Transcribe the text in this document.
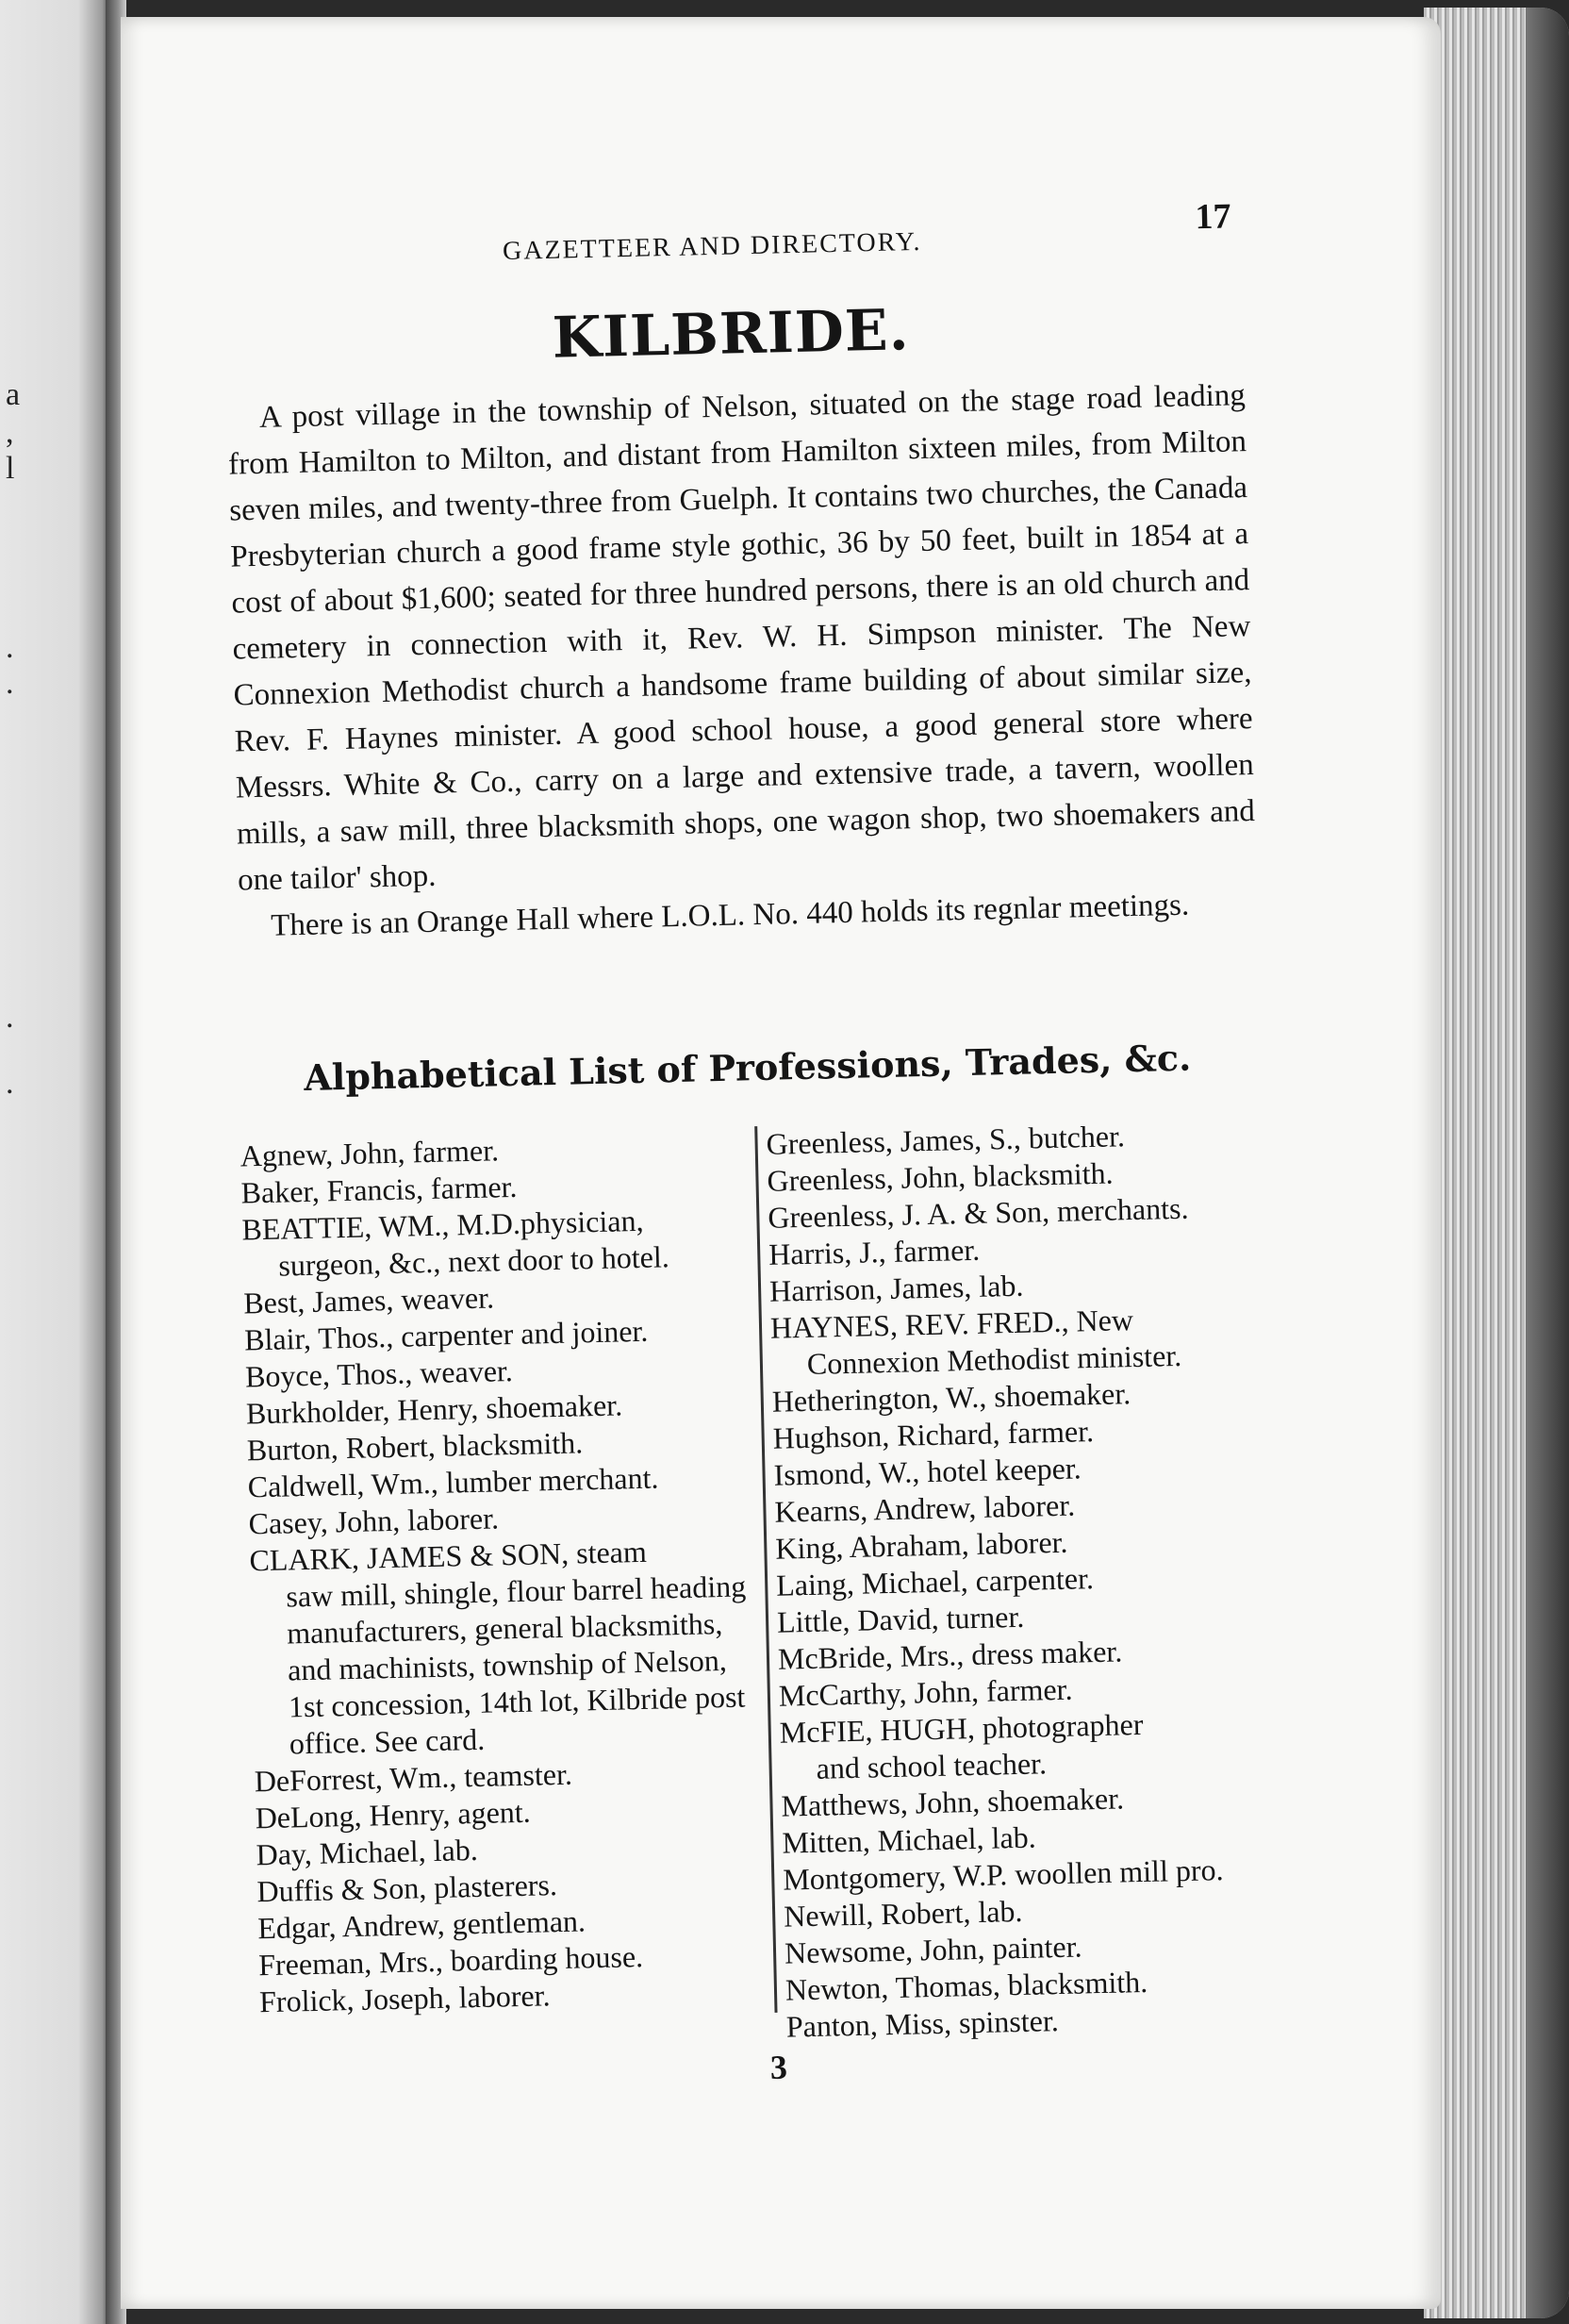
a
,
l
.
.
.
.
GAZETTEER AND DIRECTORY.
17
KILBRIDE.

A post village in the township of Nelson, situated on the stage road leading from Hamilton to Milton, and distant from Hamilton sixteen miles, from Milton seven miles, and twenty-three from Guelph. It contains two churches, the Canada Presbyterian church a good frame style gothic, 36 by 50 feet, built in 1854 at a cost of about $1,600; seated for three hundred persons, there is an old church and cemetery in connection with it, Rev. W. H. Simpson minister. The New Connexion Methodist church a handsome frame building of about similar size, Rev. F. Haynes minister. A good school house, a good general store where Messrs. White & Co., carry on a large and extensive trade, a tavern, woollen mills, a saw mill, three blacksmith shops, one wagon shop, two shoemakers and one tailor' shop.

There is an Orange Hall where L.O.L. No. 440 holds its regnlar meetings.

Alphabetical List of Professions, Trades, &c.
Agnew, John, farmer.
Baker, Francis, farmer.
BEATTIE, WM., M.D.physician,
surgeon, &c., next door to hotel.
Best, James, weaver.
Blair, Thos., carpenter and joiner.
Boyce, Thos., weaver.
Burkholder, Henry, shoemaker.
Burton, Robert, blacksmith.
Caldwell, Wm., lumber merchant.
Casey, John, laborer.
CLARK, JAMES & SON, steam
saw mill, shingle, flour barrel heading manufacturers, general blacksmiths, and machinists, township of Nelson, 1st concession, 14th lot, Kilbride post office. See card.
DeForrest, Wm., teamster.
DeLong, Henry, agent.
Day, Michael, lab.
Duffis & Son, plasterers.
Edgar, Andrew, gentleman.
Freeman, Mrs., boarding house.
Frolick, Joseph, laborer.
Greenless, James, S., butcher.
Greenless, John, blacksmith.
Greenless, J. A. & Son, merchants.
Harris, J., farmer.
Harrison, James, lab.
HAYNES, REV. FRED., New
Connexion Methodist minister.
Hetherington, W., shoemaker.
Hughson, Richard, farmer.
Ismond, W., hotel keeper.
Kearns, Andrew, laborer.
King, Abraham, laborer.
Laing, Michael, carpenter.
Little, David, turner.
McBride, Mrs., dress maker.
McCarthy, John, farmer.
McFIE, HUGH, photographer
and school teacher.
Matthews, John, shoemaker.
Mitten, Michael, lab.
Montgomery, W.P. woollen mill pro.
Newill, Robert, lab.
Newsome, John, painter.
Newton, Thomas, blacksmith.
Panton, Miss, spinster.
3
